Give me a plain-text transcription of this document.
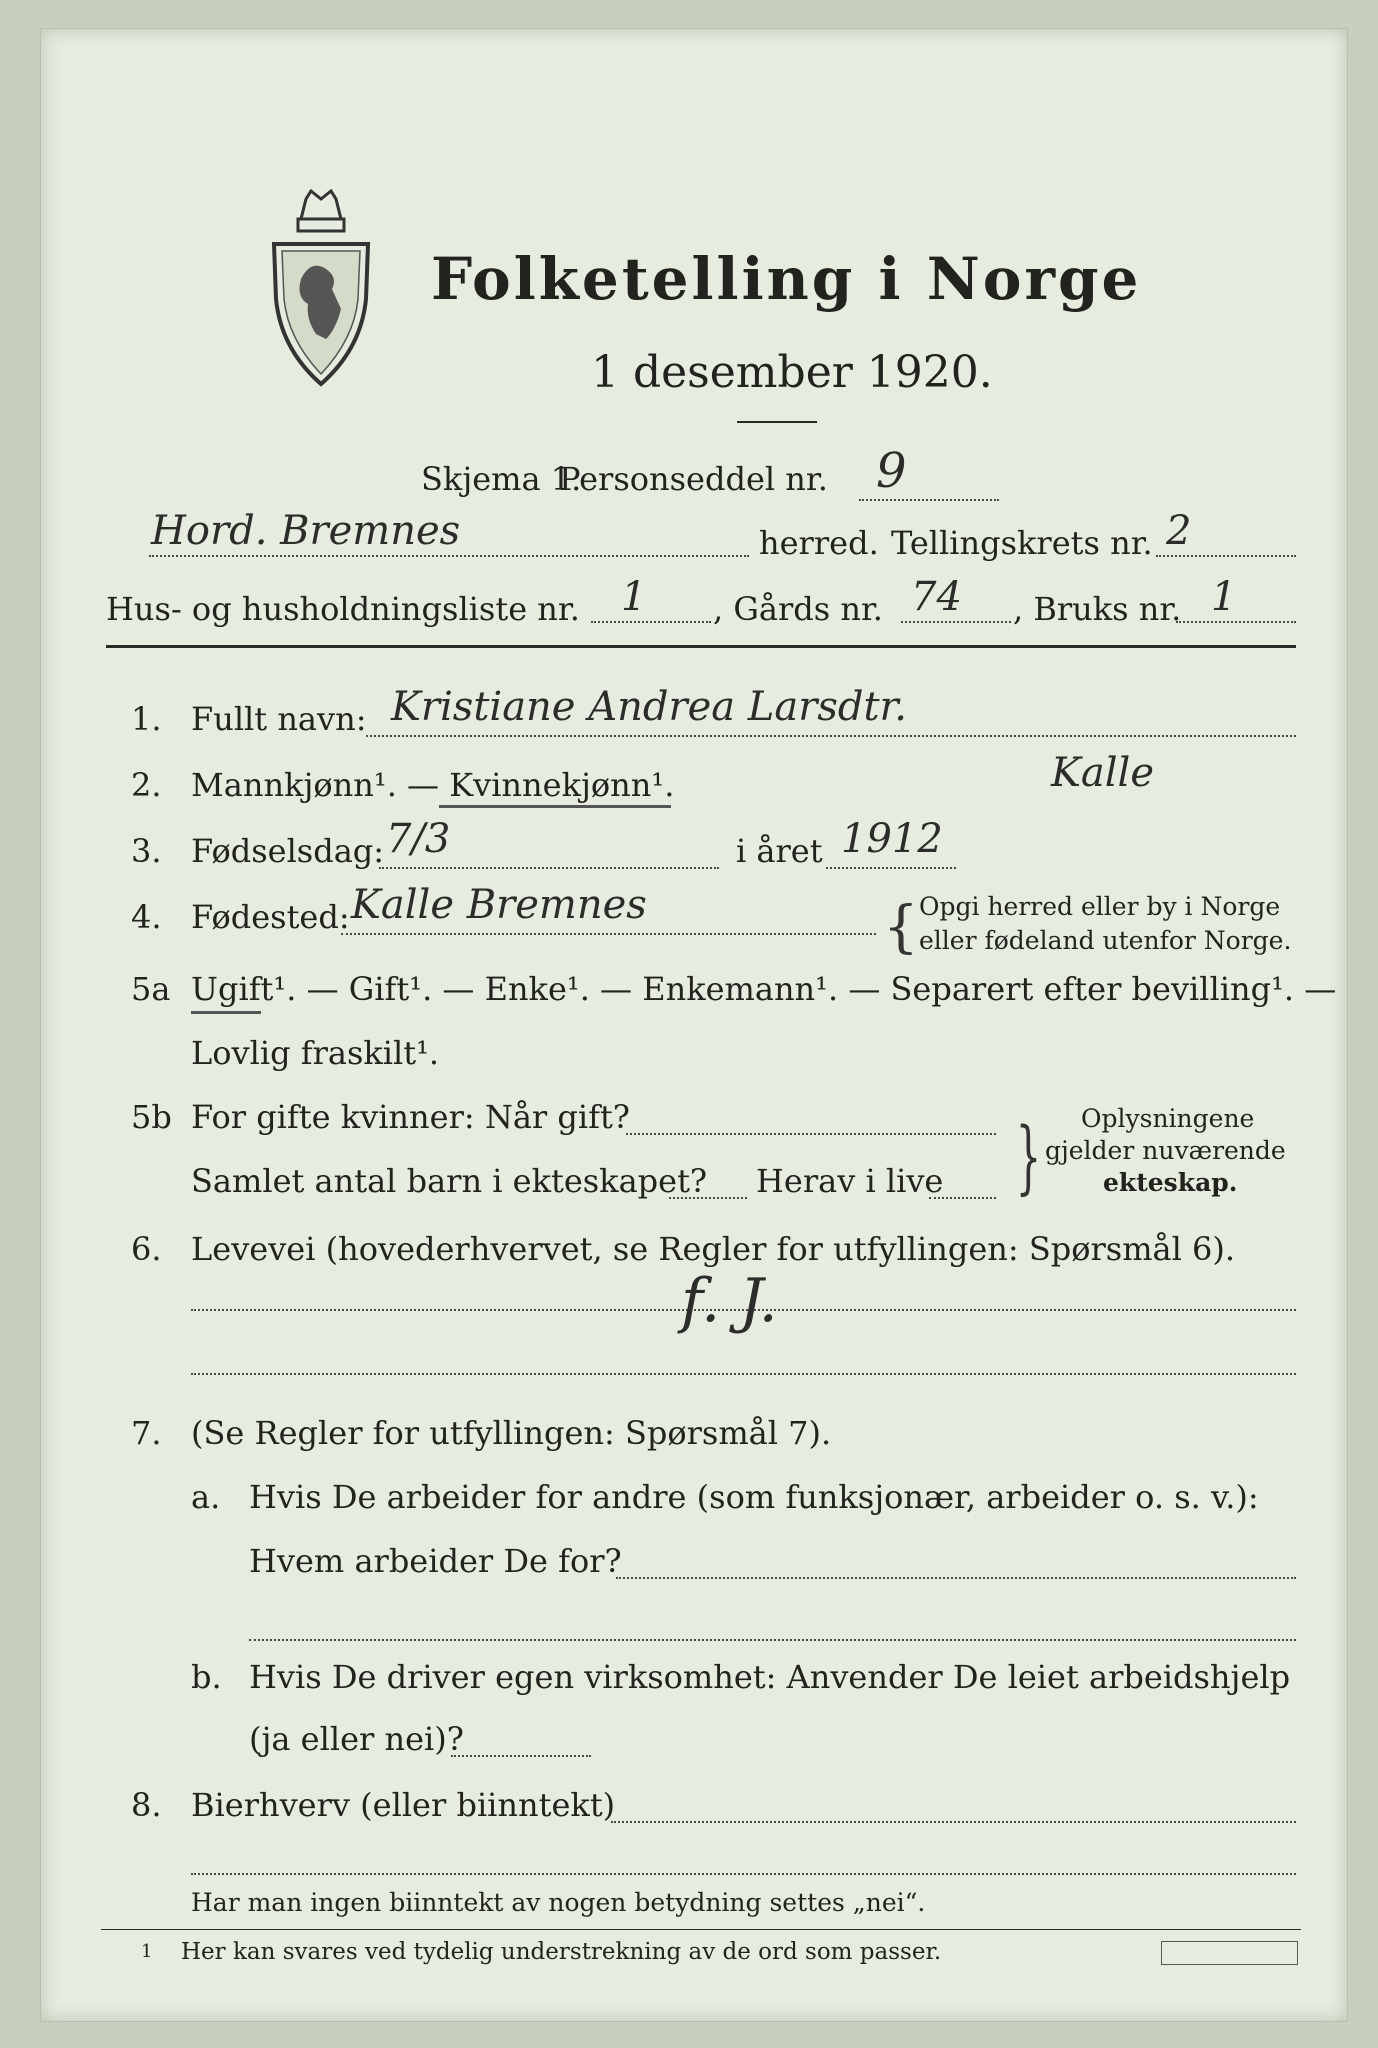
Folketelling i Norge
1 desember 1920.
Skjema 1.
Personseddel nr. 9
Hord. Bremnes	herred. Tellingskrets nr. 2
Hus- og husholdningsliste nr. 1 , Gårds nr. 74 , Bruks nr. 1
1. Fullt navn: Kristiane Andrea Larsdtr.
2. Mannkjønn¹. — Kvinnekjønn¹.	Kalle
3. Fødselsdag: 7/3	i året 1912
4. Fødested: Kalle Bremnes	{ Opgi herred eller by i Norge
eller fødeland utenfor Norge.
5a Ugift¹. — Gift¹. — Enke¹. — Enkemann¹. — Separert efter bevilling¹. —
Lovlig fraskilt¹.
5b For gifte kvinner: Når gift?
Samlet antal barn i ekteskapet? Herav i live } Oplysningene
gjelder nuværende
ekteskap.
6. Levevei (hovederhvervet, se Regler for utfyllingen: Spørsmål 6).
f. J.
7. (Se Regler for utfyllingen: Spørsmål 7).
a. Hvis De arbeider for andre (som funksjonær, arbeider o. s. v.):
Hvem arbeider De for?
b. Hvis De driver egen virksomhet: Anvender De leiet arbeidshjelp
(ja eller nei)?
8. Bierhverv (eller biinntekt)
Har man ingen biinntekt av nogen betydning settes „nei“.
1 Her kan svares ved tydelig understrekning av de ord som passer.
